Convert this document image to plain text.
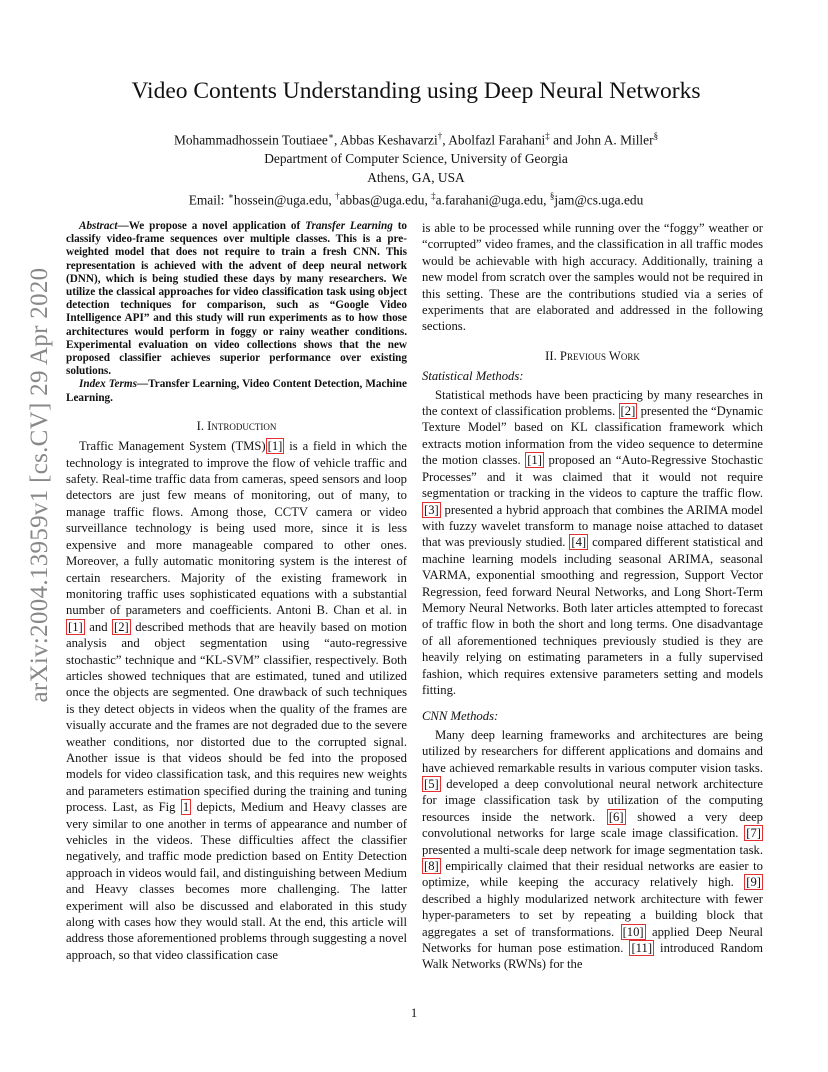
arXiv:2004.13959v1 [cs.CV] 29 Apr 2020
Video Contents Understanding using Deep Neural Networks
Mohammadhossein Toutiaee∗, Abbas Keshavarzi†, Abolfazl Farahani‡ and John A. Miller§
Department of Computer Science, University of Georgia
Athens, GA, USA
Email: ∗hossein@uga.edu, †abbas@uga.edu, ‡a.farahani@uga.edu, §jam@cs.uga.edu

Abstract—We propose a novel application of Transfer Learning to classify video-frame sequences over multiple classes. This is a pre-weighted model that does not require to train a fresh CNN. This representation is achieved with the advent of deep neural network (DNN), which is being studied these days by many researchers. We utilize the classical approaches for video classification task using object detection techniques for comparison, such as “Google Video Intelligence API” and this study will run experiments as to how those architectures would perform in foggy or rainy weather conditions. Experimental evaluation on video collections shows that the new proposed classifier achieves superior performance over existing solutions.

Index Terms—Transfer Learning, Video Content Detection, Machine Learning.

I. Introduction

Traffic Management System (TMS) [1] is a field in which the technology is integrated to improve the flow of vehicle traffic and safety. Real-time traffic data from cameras, speed sensors and loop detectors are just few means of monitoring, out of many, to manage traffic flows. Among those, CCTV camera or video surveillance technology is being used more, since it is less expensive and more manageable compared to other ones. Moreover, a fully automatic monitoring system is the interest of certain researchers. Majority of the existing framework in monitoring traffic uses sophisticated equations with a substantial number of parameters and coefficients. Antoni B. Chan et al. in [1] and [2] described methods that are heavily based on motion analysis and object segmentation using “auto-regressive stochastic” technique and “KL-SVM” classifier, respectively. Both articles showed techniques that are estimated, tuned and utilized once the objects are segmented. One drawback of such techniques is they detect objects in videos when the quality of the frames are visually accurate and the frames are not degraded due to the severe weather conditions, nor distorted due to the corrupted signal. Another issue is that videos should be fed into the proposed models for video classification task, and this requires new weights and parameters estimation specified during the training and tuning process. Last, as Fig 1 depicts, Medium and Heavy classes are very similar to one another in terms of appearance and number of vehicles in the videos. These difficulties affect the classifier negatively, and traffic mode prediction based on Entity Detection approach in videos would fail, and distinguishing between Medium and Heavy classes becomes more challenging. The latter experiment will also be discussed and elaborated in this study along with cases how they would stall. At the end, this article will address those aforementioned problems through suggesting a novel approach, so that video classification case

is able to be processed while running over the “foggy” weather or “corrupted” video frames, and the classification in all traffic modes would be achievable with high accuracy. Additionally, training a new model from scratch over the samples would not be required in this setting. These are the contributions studied via a series of experiments that are elaborated and addressed in the following sections.

II. Previous Work
Statistical Methods:

Statistical methods have been practicing by many researches in the context of classification problems. [2] presented the “Dynamic Texture Model” based on KL classification framework which extracts motion information from the video sequence to determine the motion classes. [1] proposed an “Auto-Regressive Stochastic Processes” and it was claimed that it would not require segmentation or tracking in the videos to capture the traffic flow. [3] presented a hybrid approach that combines the ARIMA model with fuzzy wavelet transform to manage noise attached to dataset that was previously studied. [4] compared different statistical and machine learning models including seasonal ARIMA, seasonal VARMA, exponential smoothing and regression, Support Vector Regression, feed forward Neural Networks, and Long Short-Term Memory Neural Networks. Both later articles attempted to forecast of traffic flow in both the short and long terms. One disadvantage of all aforementioned techniques previously studied is they are heavily relying on estimating parameters in a fully supervised fashion, which requires extensive parameters setting and models fitting.

CNN Methods:

Many deep learning frameworks and architectures are being utilized by researchers for different applications and domains and have achieved remarkable results in various computer vision tasks. [5] developed a deep convolutional neural network architecture for image classification task by utilization of the computing resources inside the network. [6] showed a very deep convolutional networks for large scale image classification. [7] presented a multi-scale deep network for image segmentation task. [8] empirically claimed that their residual networks are easier to optimize, while keeping the accuracy relatively high. [9] described a highly modularized network architecture with fewer hyper-parameters to set by repeating a building block that aggregates a set of transformations. [10] applied Deep Neural Networks for human pose estimation. [11] introduced Random Walk Networks (RWNs) for the

1
